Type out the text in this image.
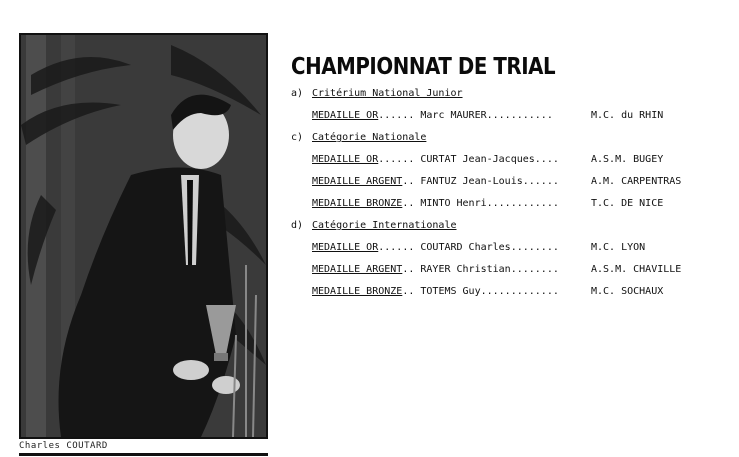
Charles COUTARD
CHAMPIONNAT DE TRIAL
a) Critérium National Junior
MEDAILLE OR...... Marc MAURER...........	M.C. du RHIN
c) Catégorie Nationale
MEDAILLE OR...... CURTAT Jean-Jacques....	A.S.M. BUGEY
MEDAILLE ARGENT.. FANTUZ Jean-Louis......	A.M. CARPENTRAS
MEDAILLE BRONZE.. MINTO Henri............	T.C. DE NICE
d) Catégorie Internationale
MEDAILLE OR...... COUTARD Charles........	M.C. LYON
MEDAILLE ARGENT.. RAYER Christian........	A.S.M. CHAVILLE
MEDAILLE BRONZE.. TOTEMS Guy.............	M.C. SOCHAUX
